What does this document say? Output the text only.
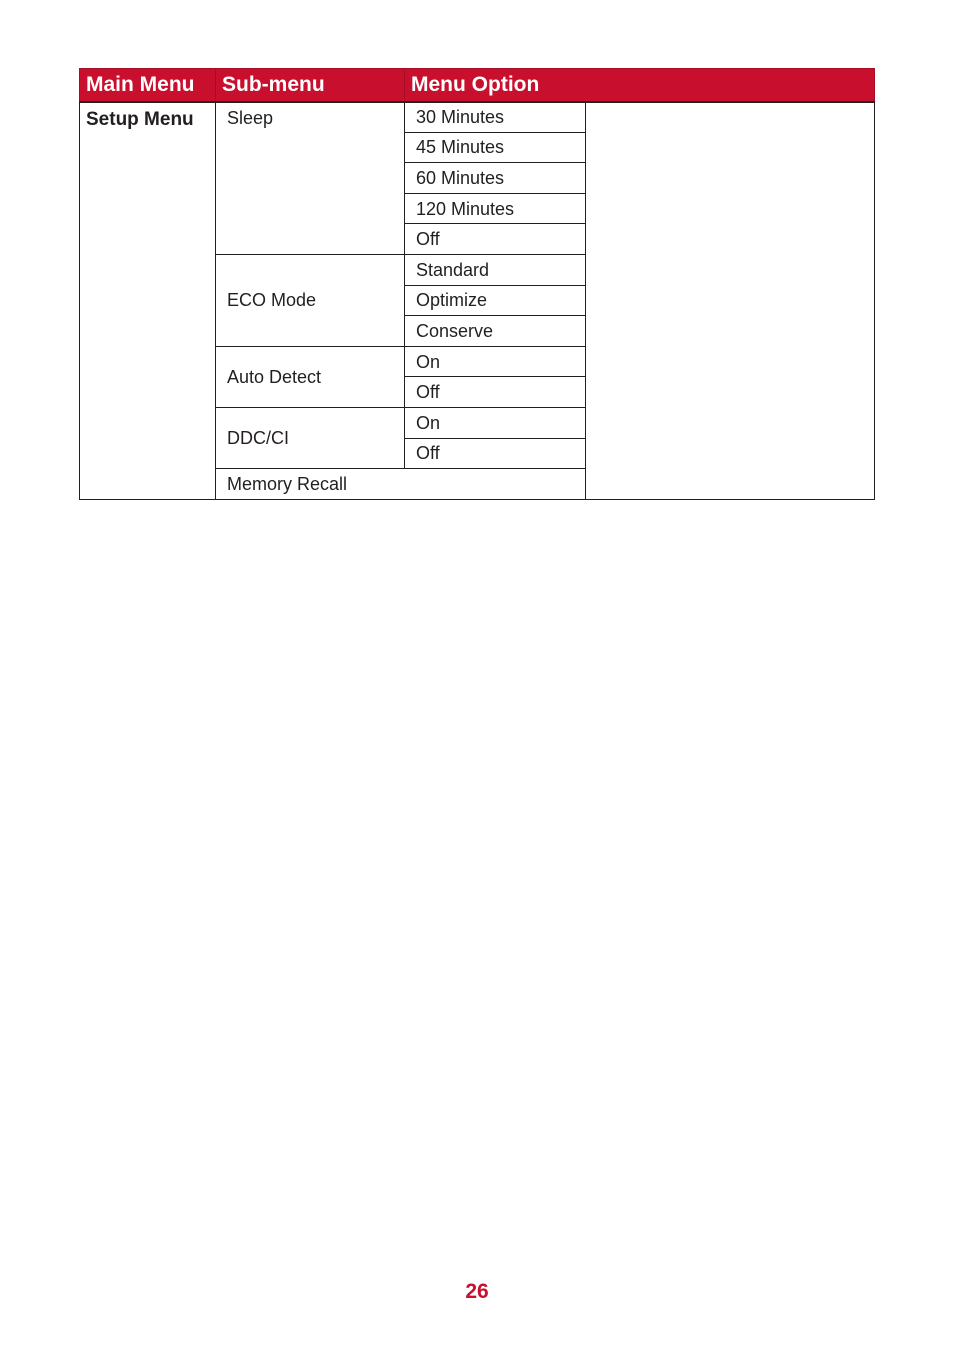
Main Menu	Sub-menu	Menu Option	
Setup Menu	Sleep	30 Minutes	
		45 Minutes	
		60 Minutes	
		120 Minutes	
		Off	
	ECO Mode	Standard	
		Optimize	
		Conserve	
	Auto Detect	On	
		Off	
	DDC/CI	On	
		Off	
	Memory Recall		
26
